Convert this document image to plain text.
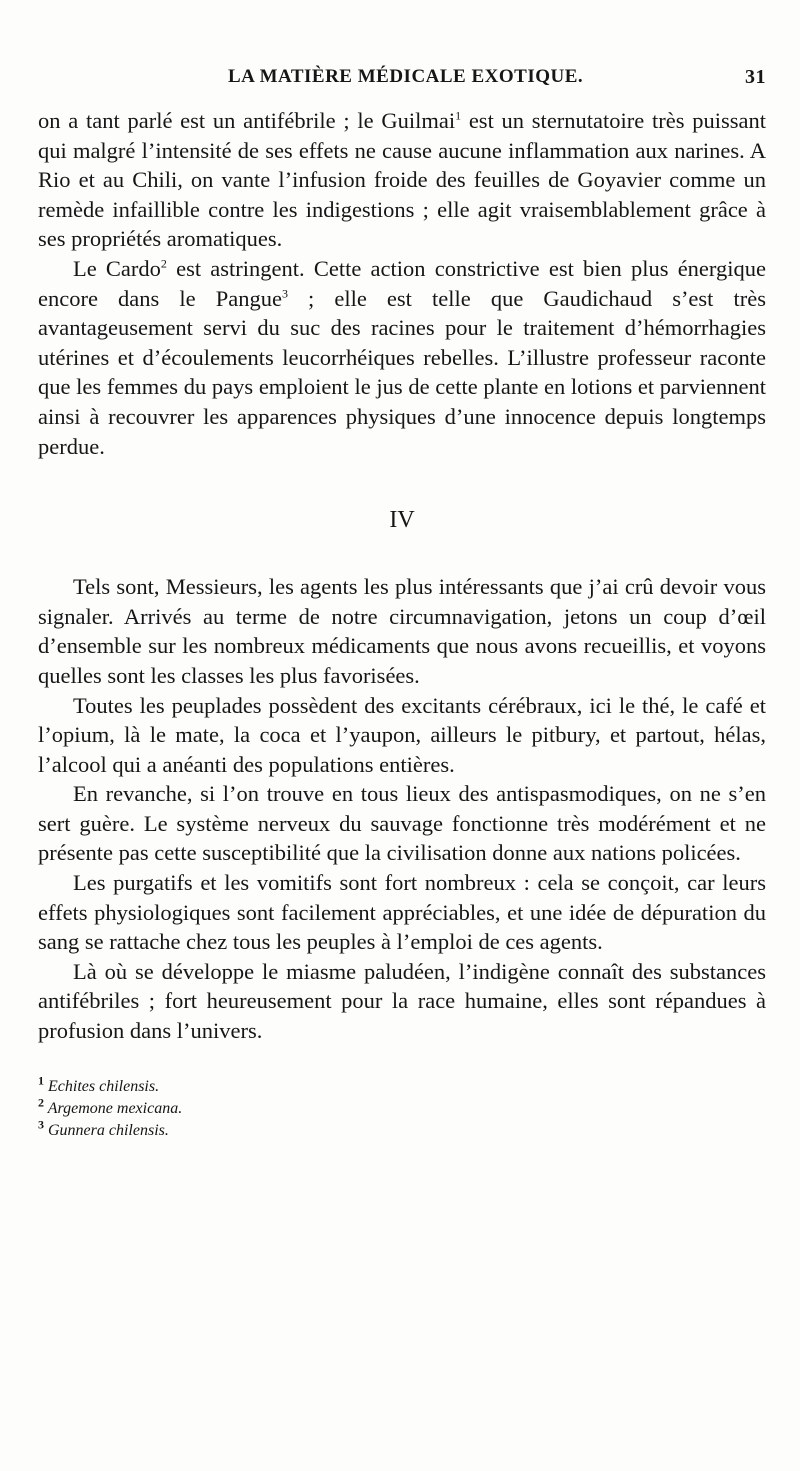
LA MATIÈRE MÉDICALE EXOTIQUE.	31

on a tant parlé est un antifébrile ; le Guilmai$^1$ est un sternutatoire très puissant qui malgré l’intensité de ses effets ne cause aucune inflammation aux narines. A Rio et au Chili, on vante l’infusion froide des feuilles de Goyavier comme un remède infaillible contre les indigestions ; elle agit vraisemblablement grâce à ses propriétés aromatiques.

Le Cardo$^2$ est astringent. Cette action constrictive est bien plus énergique encore dans le Pangue$^3$ ; elle est telle que Gaudichaud s’est très avantageusement servi du suc des racines pour le traitement d’hémorrhagies utérines et d’écoulements leucorrhéiques rebelles. L’illustre professeur raconte que les femmes du pays emploient le jus de cette plante en lotions et parviennent ainsi à recouvrer les apparences physiques d’une innocence depuis longtemps perdue.

IV

Tels sont, Messieurs, les agents les plus intéressants que j’ai crû devoir vous signaler. Arrivés au terme de notre circumnavigation, jetons un coup d’œil d’ensemble sur les nombreux médicaments que nous avons recueillis, et voyons quelles sont les classes les plus favorisées.

Toutes les peuplades possèdent des excitants cérébraux, ici le thé, le café et l’opium, là le mate, la coca et l’yaupon, ailleurs le pitbury, et partout, hélas, l’alcool qui a anéanti des populations entières.

En revanche, si l’on trouve en tous lieux des antispasmodiques, on ne s’en sert guère. Le système nerveux du sauvage fonctionne très modérément et ne présente pas cette susceptibilité que la civilisation donne aux nations policées.

Les purgatifs et les vomitifs sont fort nombreux : cela se conçoit, car leurs effets physiologiques sont facilement appréciables, et une idée de dépuration du sang se rattache chez tous les peuples à l’emploi de ces agents.

Là où se développe le miasme paludéen, l’indigène connaît des substances antifébriles ; fort heureusement pour la race humaine, elles sont répandues à profusion dans l’univers.

$^1$ Echites chilensis.
$^2$ Argemone mexicana.
$^3$ Gunnera chilensis.
